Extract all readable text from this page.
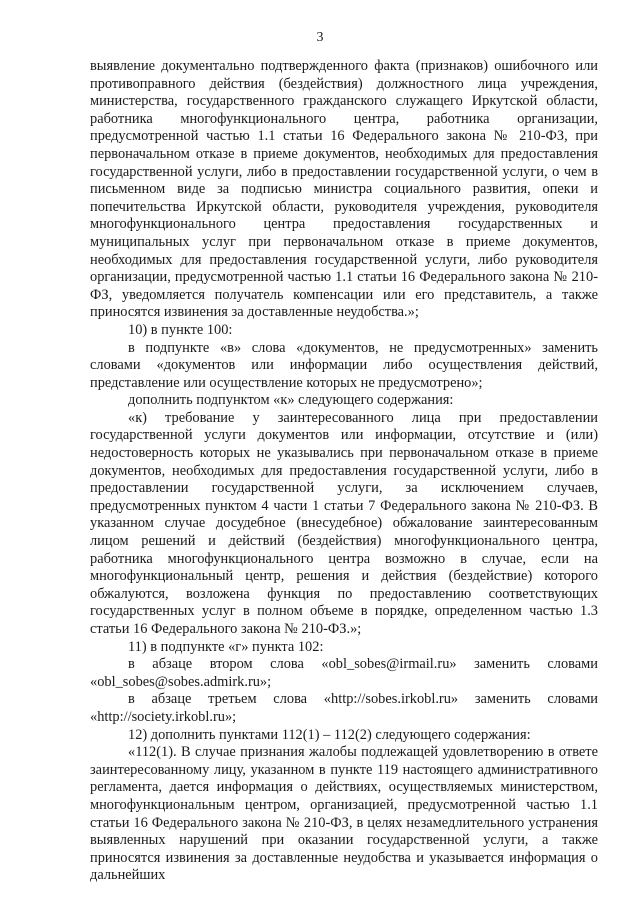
3

выявление документально подтвержденного факта (признаков) ошибочного или противоправного действия (бездействия) должностного лица учреждения, министерства, государственного гражданского служащего Иркутской области, работника многофункционального центра, работника организации, предусмотренной частью 1.1 статьи 16 Федерального закона № 210-ФЗ, при первоначальном отказе в приеме документов, необходимых для предоставления государственной услуги, либо в предоставлении государственной услуги, о чем в письменном виде за подписью министра социального развития, опеки и попечительства Иркутской области, руководителя учреждения, руководителя многофункционального центра предоставления государственных и муниципальных услуг при первоначальном отказе в приеме документов, необходимых для предоставления государственной услуги, либо руководителя организации, предусмотренной частью 1.1 статьи 16 Федерального закона № 210-ФЗ, уведомляется получатель компенсации или его представитель, а также приносятся извинения за доставленные неудобства.»;

10) в пункте 100:

в подпункте «в» слова «документов, не предусмотренных» заменить словами «документов или информации либо осуществления действий, представление или осуществление которых не предусмотрено»;

дополнить подпунктом «к» следующего содержания:

«к) требование у заинтересованного лица при предоставлении государственной услуги документов или информации, отсутствие и (или) недостоверность которых не указывались при первоначальном отказе в приеме документов, необходимых для предоставления государственной услуги, либо в предоставлении государственной услуги, за исключением случаев, предусмотренных пунктом 4 части 1 статьи 7 Федерального закона № 210-ФЗ. В указанном случае досудебное (внесудебное) обжалование заинтересованным лицом решений и действий (бездействия) многофункционального центра, работника многофункционального центра возможно в случае, если на многофункциональный центр, решения и действия (бездействие) которого обжалуются, возложена функция по предоставлению соответствующих государственных услуг в полном объеме в порядке, определенном частью 1.3 статьи 16 Федерального закона № 210-ФЗ.»;

11) в подпункте «г» пункта 102:

в абзаце втором слова «obl_sobes@irmail.ru» заменить словами «obl_sobes@sobes.admirk.ru»;

в абзаце третьем слова «http://sobes.irkobl.ru» заменить словами «http://society.irkobl.ru»;

12) дополнить пунктами 112(1) – 112(2) следующего содержания:

«112(1). В случае признания жалобы подлежащей удовлетворению в ответе заинтересованному лицу, указанном в пункте 119 настоящего административного регламента, дается информация о действиях, осуществляемых министерством, многофункциональным центром, организацией, предусмотренной частью 1.1 статьи 16 Федерального закона № 210-ФЗ, в целях незамедлительного устранения выявленных нарушений при оказании государственной услуги, а также приносятся извинения за доставленные неудобства и указывается информация о дальнейших
